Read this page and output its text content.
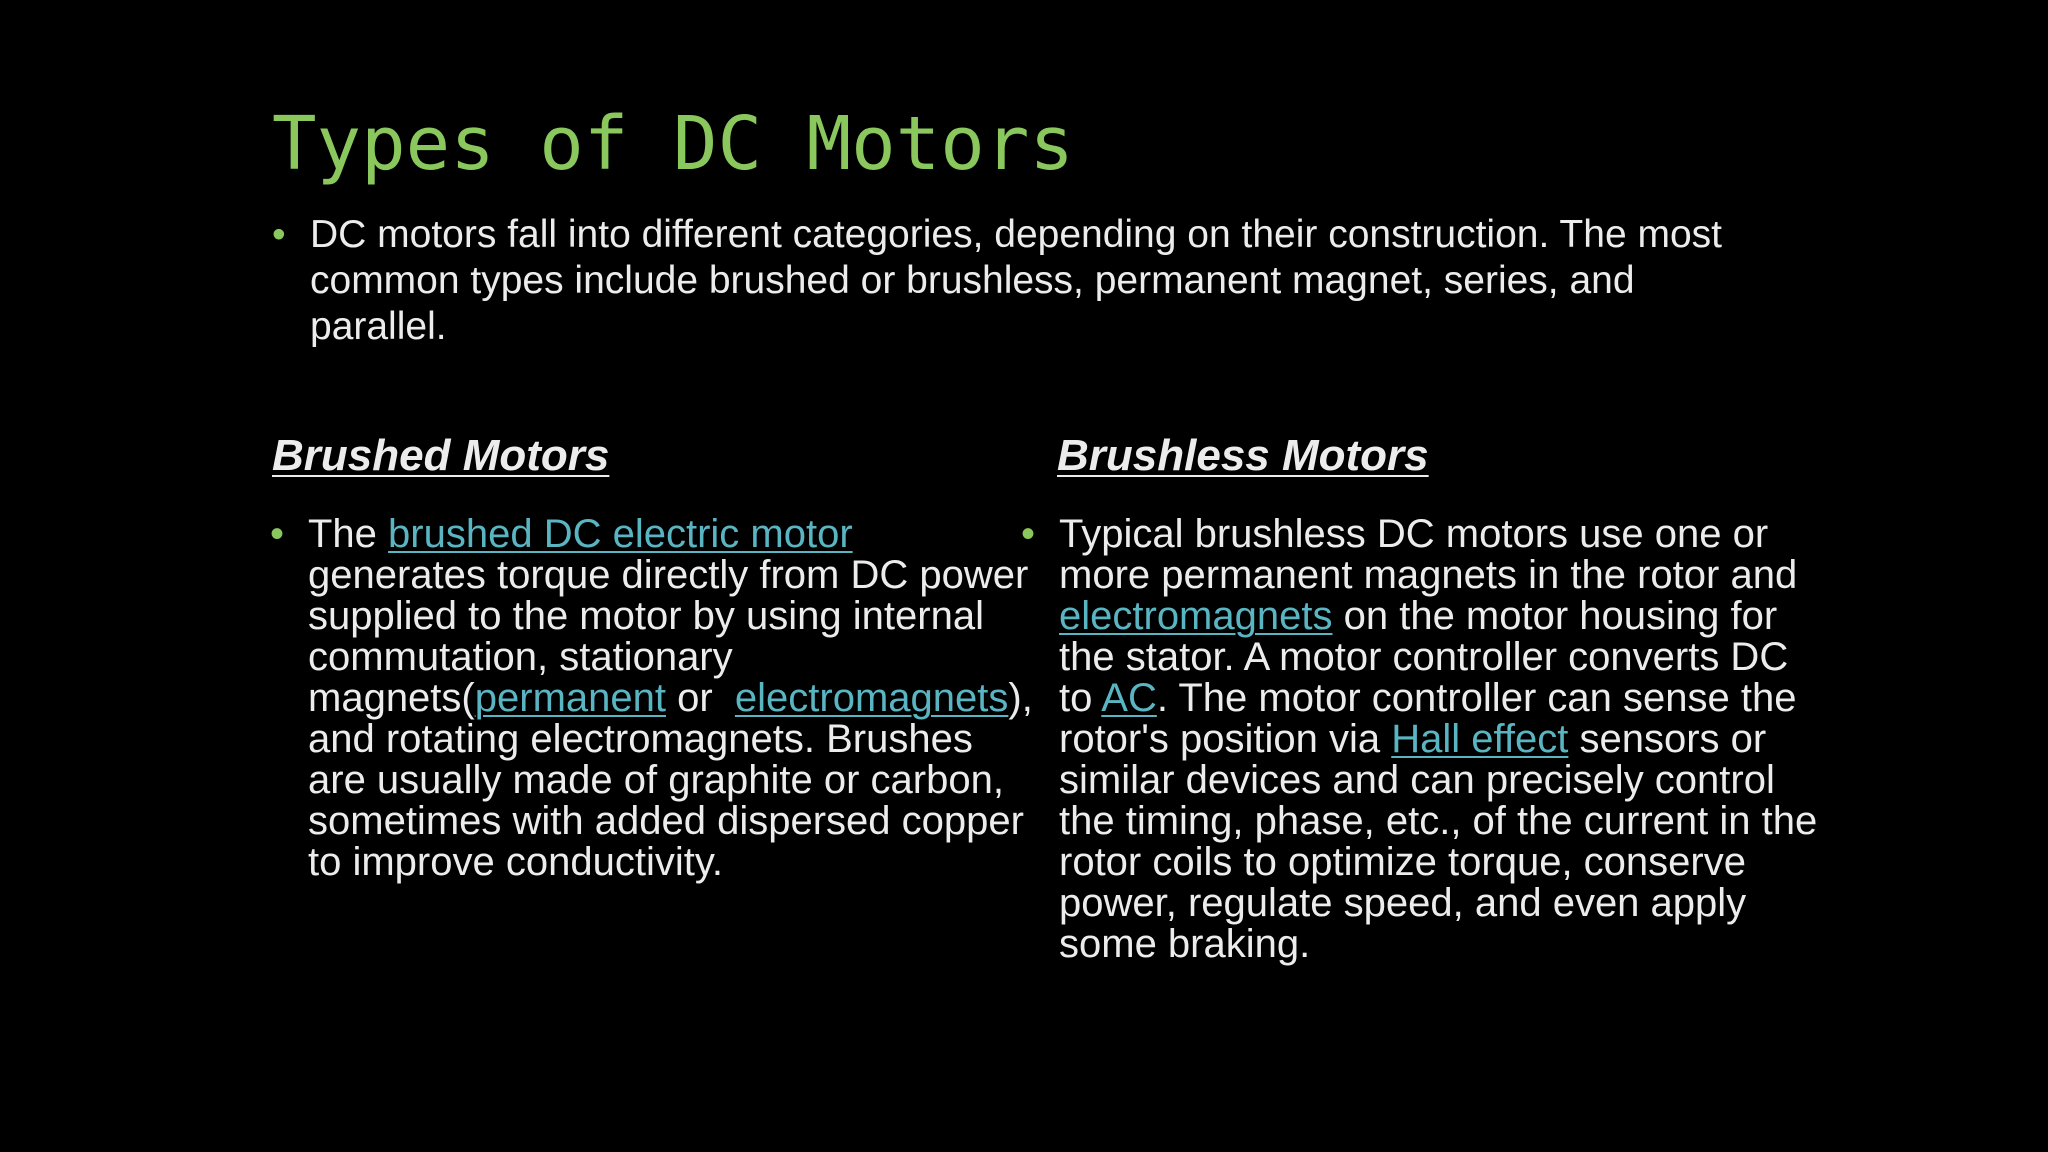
Types of DC Motors
• DC motors fall into different categories, depending on their construction. The most common types include brushed or brushless, permanent magnet, series, and parallel.
Brushed Motors	Brushless Motors
• The brushed DC electric motor generates torque directly from DC power supplied to the motor by using internal commutation, stationary magnets(permanent or  electromagnets), and rotating electromagnets. Brushes are usually made of graphite or carbon, sometimes with added dispersed copper to improve conductivity.
• Typical brushless DC motors use one or more permanent magnets in the rotor and electromagnets on the motor housing for the stator. A motor controller converts DC to AC. The motor controller can sense the rotor's position via Hall effect sensors or similar devices and can precisely control the timing, phase, etc., of the current in the rotor coils to optimize torque, conserve power, regulate speed, and even apply some braking.
